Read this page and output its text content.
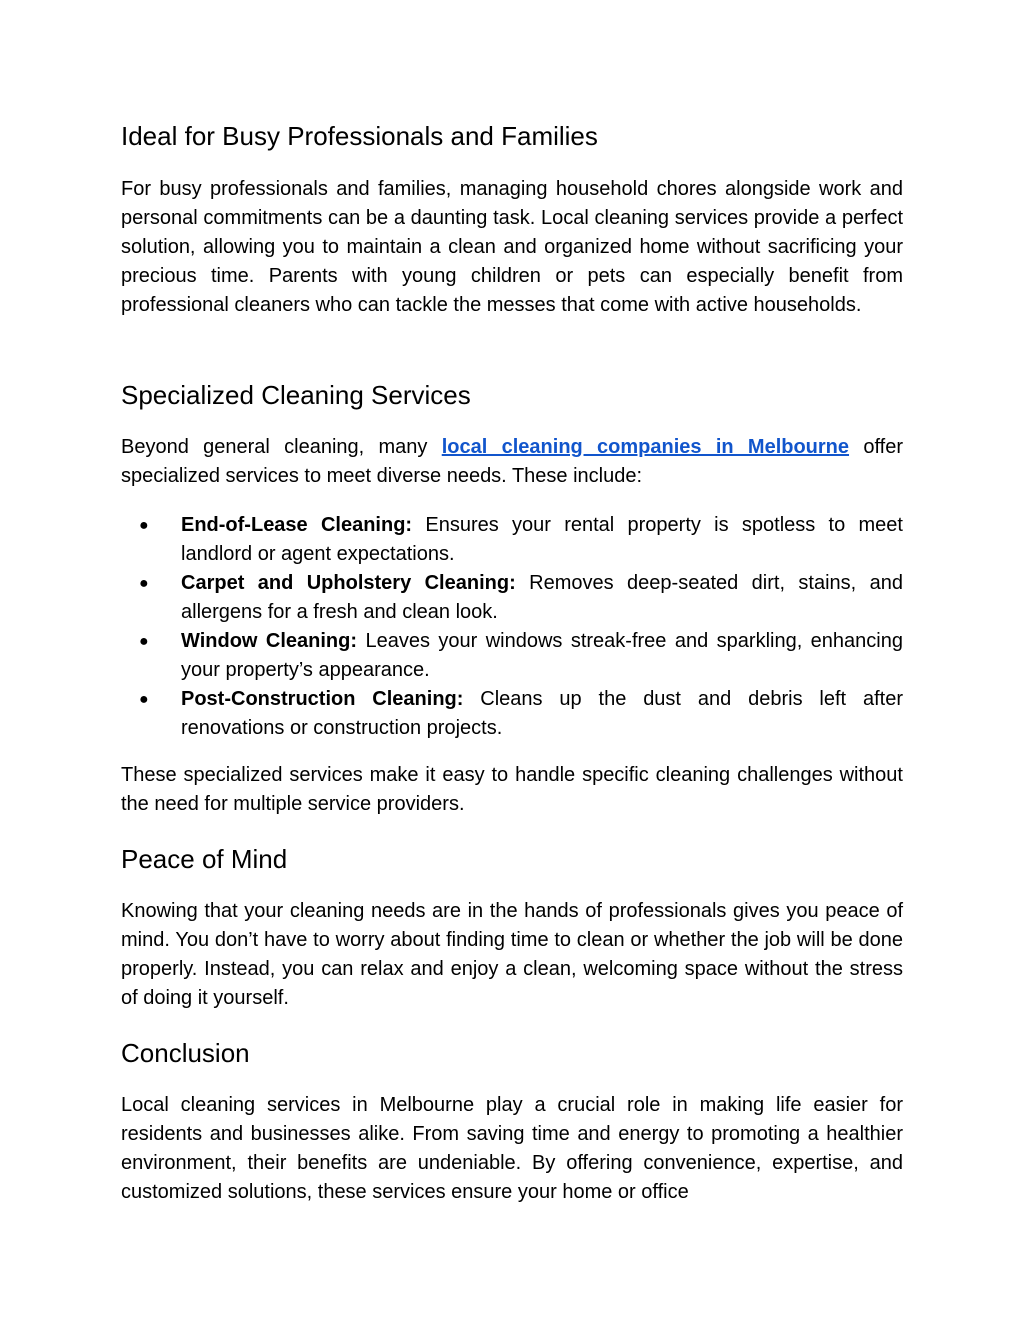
Ideal for Busy Professionals and Families

For busy professionals and families, managing household chores alongside work and personal commitments can be a daunting task. Local cleaning services provide a perfect solution, allowing you to maintain a clean and organized home without sacrificing your precious time. Parents with young children or pets can especially benefit from professional cleaners who can tackle the messes that come with active households.

Specialized Cleaning Services

Beyond general cleaning, many local cleaning companies in Melbourne offer specialized services to meet diverse needs. These include:

● End-of-Lease Cleaning: Ensures your rental property is spotless to meet landlord or agent expectations.
● Carpet and Upholstery Cleaning: Removes deep-seated dirt, stains, and allergens for a fresh and clean look.
● Window Cleaning: Leaves your windows streak-free and sparkling, enhancing your property’s appearance.
● Post-Construction Cleaning: Cleans up the dust and debris left after renovations or construction projects.

These specialized services make it easy to handle specific cleaning challenges without the need for multiple service providers.

Peace of Mind

Knowing that your cleaning needs are in the hands of professionals gives you peace of mind. You don’t have to worry about finding time to clean or whether the job will be done properly. Instead, you can relax and enjoy a clean, welcoming space without the stress of doing it yourself.

Conclusion

Local cleaning services in Melbourne play a crucial role in making life easier for residents and businesses alike. From saving time and energy to promoting a healthier environment, their benefits are undeniable. By offering convenience, expertise, and customized solutions, these services ensure your home or office
